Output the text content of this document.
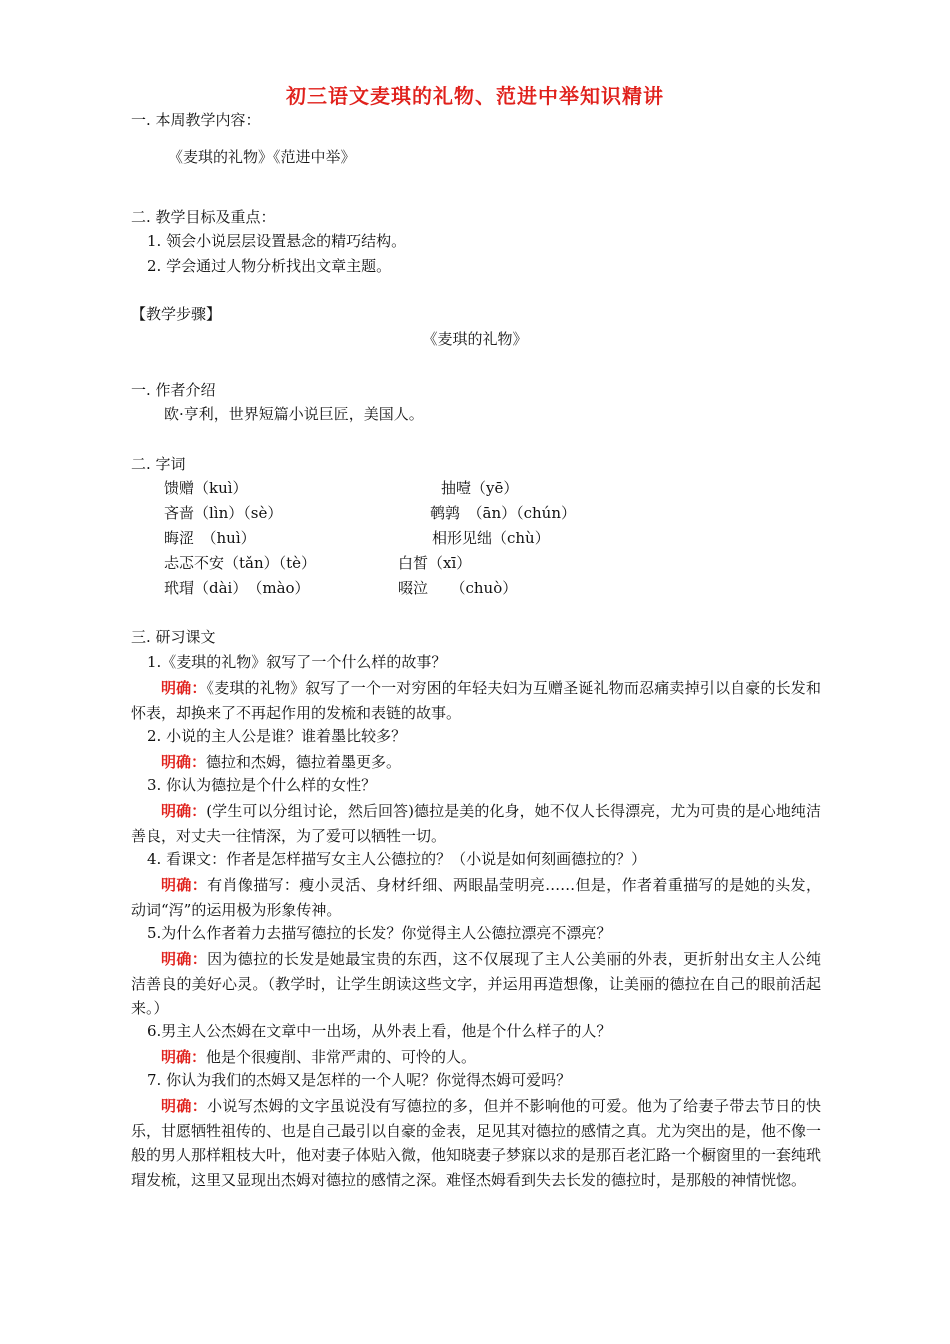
初三语文麦琪的礼物、范进中举知识精讲
一. 本周教学内容：
《麦琪的礼物》《范进中举》
二. 教学目标及重点：
1. 领会小说层层设置悬念的精巧结构。
2. 学会通过人物分析找出文章主题。
【教学步骤】
《麦琪的礼物》
一. 作者介绍
欧·亨利，世界短篇小说巨匠，美国人。
二. 字词
馈赠（kuì）	抽噎（yē）
吝啬（lìn）（sè）	鹌鹑　（ān）（chún）
晦涩　（huì）	相形见绌（chù）
忐忑不安（tǎn）（tè）	白皙（xī）
玳瑁（dài）　（mào）	啜泣　　（chuò）
三. 研习课文
1.《麦琪的礼物》叙写了一个什么样的故事？

明确：《麦琪的礼物》叙写了一个一对穷困的年轻夫妇为互赠圣诞礼物而忍痛卖掉引以自豪的长发和怀表，却换来了不再起作用的发梳和表链的故事。

2. 小说的主人公是谁？谁着墨比较多？

明确：德拉和杰姆，德拉着墨更多。

3. 你认为德拉是个什么样的女性？

明确：(学生可以分组讨论，然后回答)德拉是美的化身，她不仅人长得漂亮，尤为可贵的是心地纯洁善良，对丈夫一往情深，为了爱可以牺牲一切。

4. 看课文：作者是怎样描写女主人公德拉的？（小说是如何刻画德拉的？）

明确：有肖像描写：瘦小灵活、身材纤细、两眼晶莹明亮……但是，作者着重描写的是她的头发，动词“泻”的运用极为形象传神。

5.为什么作者着力去描写德拉的长发？你觉得主人公德拉漂亮不漂亮？

明确：因为德拉的长发是她最宝贵的东西，这不仅展现了主人公美丽的外表，更折射出女主人公纯洁善良的美好心灵。（教学时，让学生朗读这些文字，并运用再造想像，让美丽的德拉在自己的眼前活起来。）

6.男主人公杰姆在文章中一出场，从外表上看，他是个什么样子的人？

明确：他是个很瘦削、非常严肃的、可怜的人。

7. 你认为我们的杰姆又是怎样的一个人呢？你觉得杰姆可爱吗？

明确：小说写杰姆的文字虽说没有写德拉的多，但并不影响他的可爱。他为了给妻子带去节日的快乐，甘愿牺牲祖传的、也是自己最引以自豪的金表，足见其对德拉的感情之真。尤为突出的是，他不像一般的男人那样粗枝大叶，他对妻子体贴入微，他知晓妻子梦寐以求的是那百老汇路一个橱窗里的一套纯玳瑁发梳，这里又显现出杰姆对德拉的感情之深。难怪杰姆看到失去长发的德拉时，是那般的神情恍惚。
